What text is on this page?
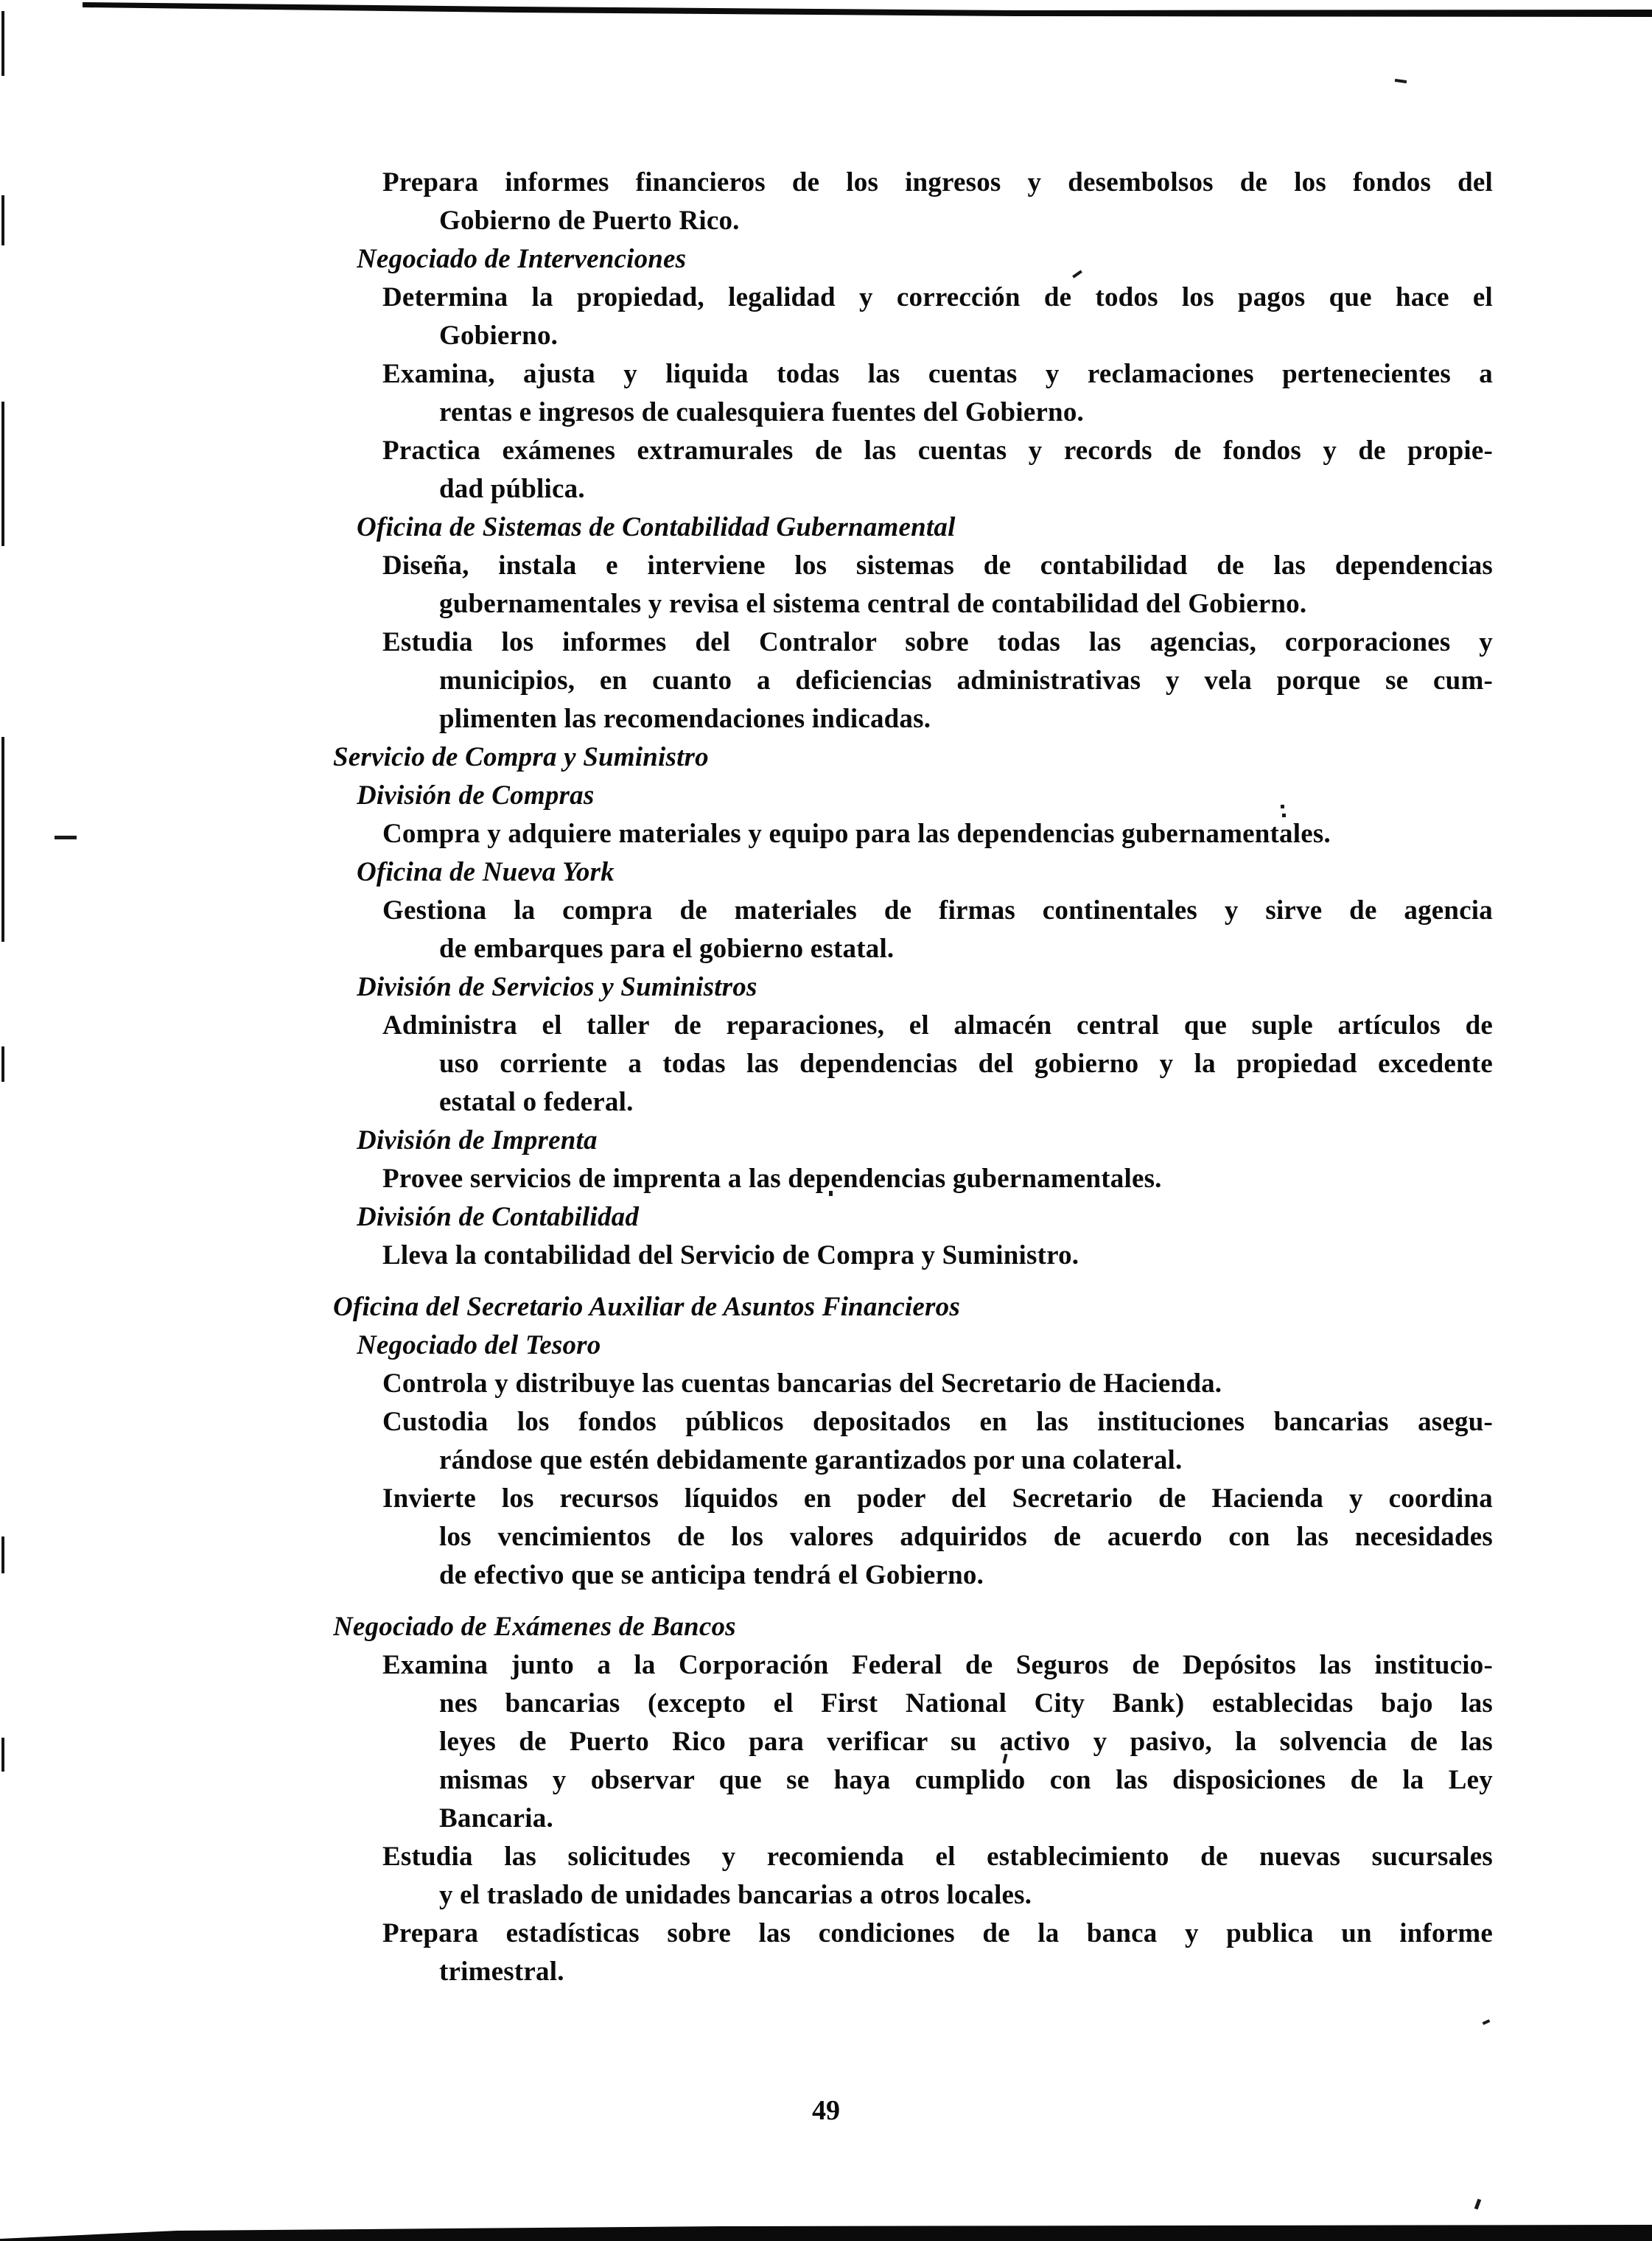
Prepara informes financieros de los ingresos y desembolsos de los fondos del
Gobierno de Puerto Rico.
Negociado de Intervenciones
Determina la propiedad, legalidad y corrección de todos los pagos que hace el
Gobierno.
Examina, ajusta y liquida todas las cuentas y reclamaciones pertenecientes a
rentas e ingresos de cualesquiera fuentes del Gobierno.
Practica exámenes extramurales de las cuentas y records de fondos y de propie-
dad pública.
Oficina de Sistemas de Contabilidad Gubernamental
Diseña, instala e interviene los sistemas de contabilidad de las dependencias
gubernamentales y revisa el sistema central de contabilidad del Gobierno.
Estudia los informes del Contralor sobre todas las agencias, corporaciones y
municipios, en cuanto a deficiencias administrativas y vela porque se cum-
plimenten las recomendaciones indicadas.
Servicio de Compra y Suministro
División de Compras
Compra y adquiere materiales y equipo para las dependencias gubernamentales.
Oficina de Nueva York
Gestiona la compra de materiales de firmas continentales y sirve de agencia
de embarques para el gobierno estatal.
División de Servicios y Suministros
Administra el taller de reparaciones, el almacén central que suple artículos de
uso corriente a todas las dependencias del gobierno y la propiedad excedente
estatal o federal.
División de Imprenta
Provee servicios de imprenta a las dependencias gubernamentales.
División de Contabilidad
Lleva la contabilidad del Servicio de Compra y Suministro.
Oficina del Secretario Auxiliar de Asuntos Financieros
Negociado del Tesoro
Controla y distribuye las cuentas bancarias del Secretario de Hacienda.
Custodia los fondos públicos depositados en las instituciones bancarias asegu-
rándose que estén debidamente garantizados por una colateral.
Invierte los recursos líquidos en poder del Secretario de Hacienda y coordina
los vencimientos de los valores adquiridos de acuerdo con las necesidades
de efectivo que se anticipa tendrá el Gobierno.
Negociado de Exámenes de Bancos
Examina junto a la Corporación Federal de Seguros de Depósitos las institucio-
nes bancarias (excepto el First National City Bank) establecidas bajo las
leyes de Puerto Rico para verificar su activo y pasivo, la solvencia de las
mismas y observar que se haya cumplido con las disposiciones de la Ley
Bancaria.
Estudia las solicitudes y recomienda el establecimiento de nuevas sucursales
y el traslado de unidades bancarias a otros locales.
Prepara estadísticas sobre las condiciones de la banca y publica un informe
trimestral.
49
